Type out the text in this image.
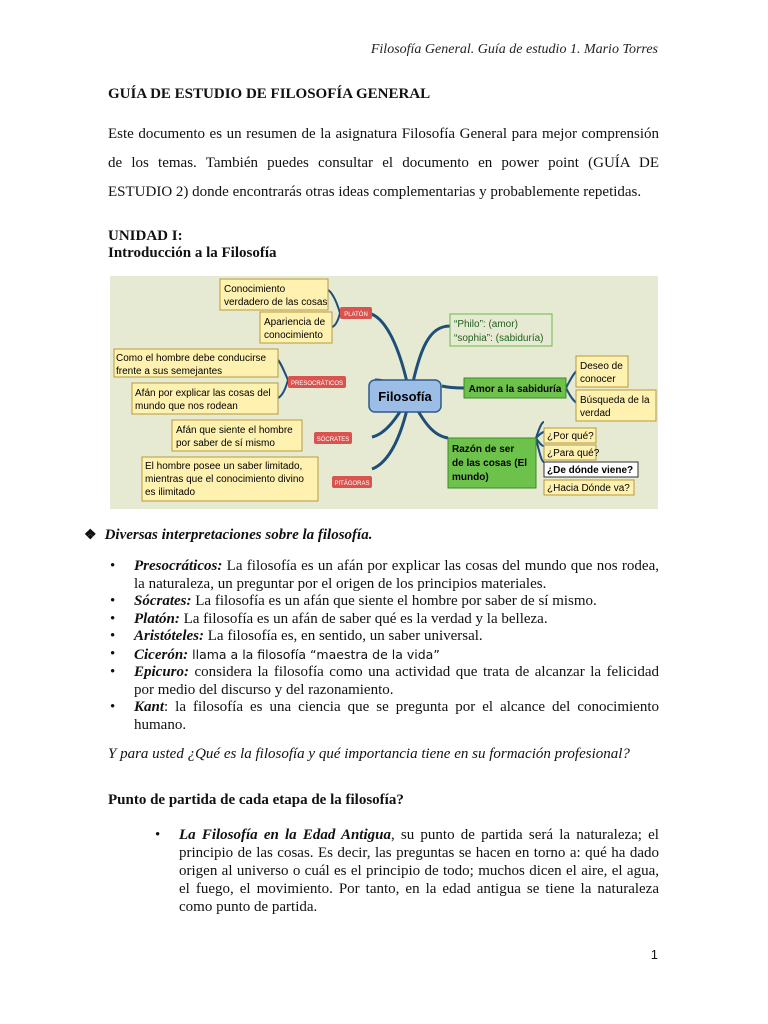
Filosofía General. Guía de estudio 1. Mario Torres
GUÍA DE ESTUDIO DE FILOSOFÍA GENERAL
Este documento es un resumen de la asignatura Filosofía General para mejor comprensión de los temas. También puedes consultar el documento en power point (GUÍA DE ESTUDIO 2) donde encontrarás otras ideas complementarias y probablemente repetidas.
UNIDAD I:
Introducción a la Filosofía
Conocimiento
verdadero de las cosas
Apariencia de
conocimiento
PLATÓN
Como el hombre debe conducirse
frente a sus semejantes
Afán por explicar las cosas del
mundo que nos rodean
PRESOCRÁTICOS
Afán que siente el hombre
por saber de sí mismo	SÓCRATES
El hombre posee un saber limitado,
mientras que el conocimiento divino
es ilimitado
PITÁGORAS
Filosofía
“Philo”: (amor)
“sophia”: (sabiduría)
Amor a la sabiduría
Deseo de
conocer
Búsqueda de la
verdad
Razón de ser
de las cosas (El
mundo)
¿Por qué?
¿Para qué?
¿De dónde viene?
¿Hacia Dónde va?
❖ Diversas interpretaciones sobre la filosofía.
• Presocráticos: La filosofía es un afán por explicar las cosas del mundo que nos rodea, la naturaleza, un preguntar por el origen de los principios materiales.
• Sócrates: La filosofía es un afán que siente el hombre por saber de sí mismo.
• Platón: La filosofía es un afán de saber qué es la verdad y la belleza.
• Aristóteles: La filosofía es, en sentido, un saber universal.
• Cicerón: llama a la filosofía “maestra de la vida”
• Epicuro: considera la filosofía como una actividad que trata de alcanzar la felicidad por medio del discurso y del razonamiento.
• Kant: la filosofía es una ciencia que se pregunta por el alcance del conocimiento humano.
Y para usted ¿Qué es la filosofía y qué importancia tiene en su formación profesional?
Punto de partida de cada etapa de la filosofía?
• La Filosofía en la Edad Antigua, su punto de partida será la naturaleza; el principio de las cosas. Es decir, las preguntas se hacen en torno a: qué ha dado origen al universo o cuál es el principio de todo; muchos dicen el aire, el agua, el fuego, el movimiento. Por tanto, en la edad antigua se tiene la naturaleza como punto de partida.
1
